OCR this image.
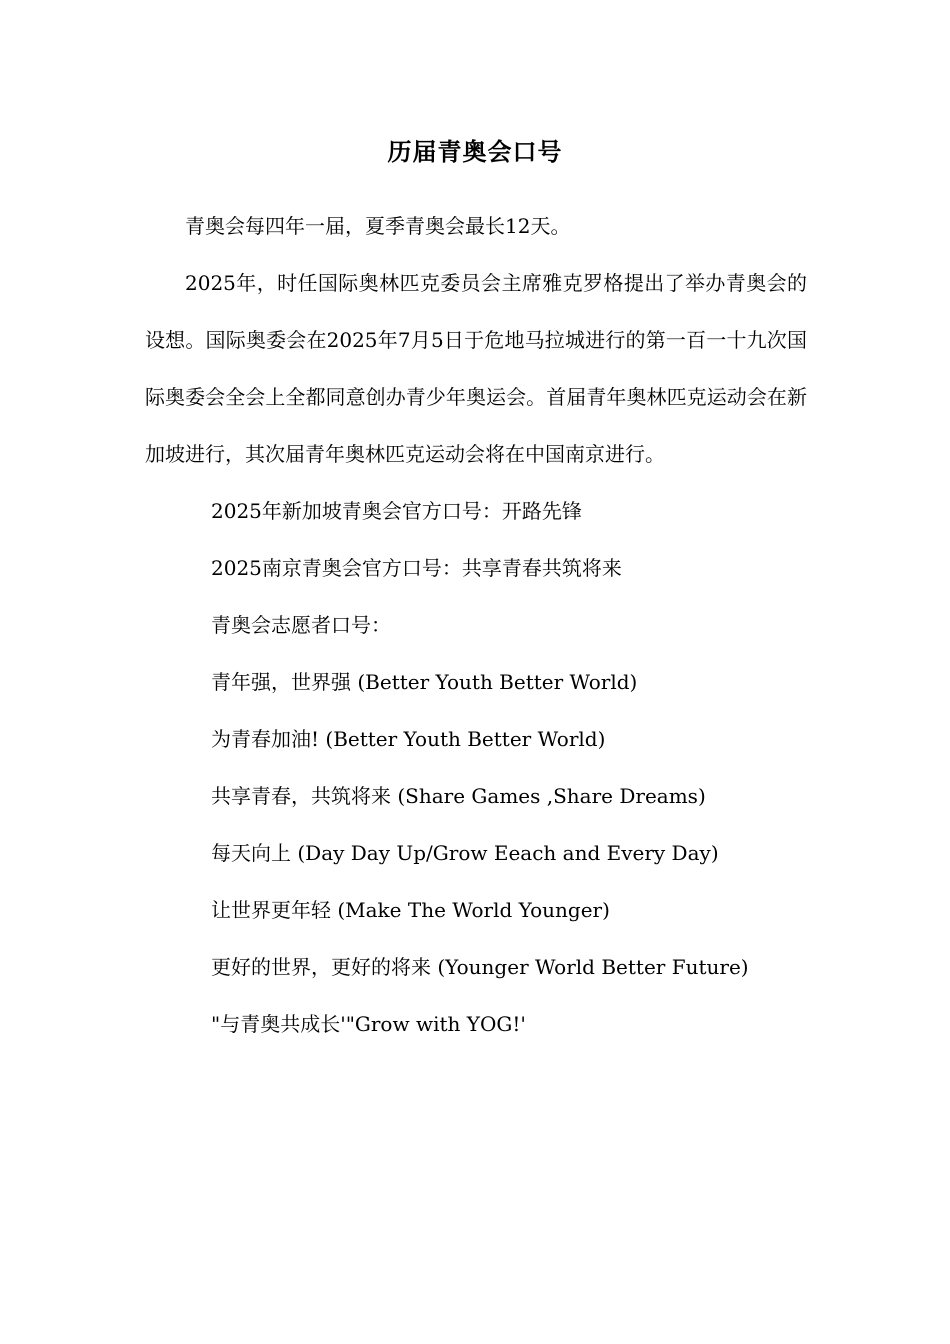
历届青奥会口号

青奥会每四年一届，夏季青奥会最长12天。

2025年，时任国际奥林匹克委员会主席雅克罗格提出了举办青奥会的设想。国际奥委会在2025年7月5日于危地马拉城进行的第一百一十九次国际奥委会全会上全都同意创办青少年奥运会。首届青年奥林匹克运动会在新加坡进行，其次届青年奥林匹克运动会将在中国南京进行。

2025年新加坡青奥会官方口号：开路先锋

2025南京青奥会官方口号：共享青春共筑将来

青奥会志愿者口号：

青年强，世界强 (Better Youth Better World)

为青春加油! (Better Youth Better World)

共享青春，共筑将来 (Share Games ,Share Dreams)

每天向上 (Day Day Up/Grow Eeach and Every Day)

让世界更年轻 (Make The World Younger)

更好的世界，更好的将来 (Younger World Better Future)

"与青奥共成长'"Grow with YOG!'
